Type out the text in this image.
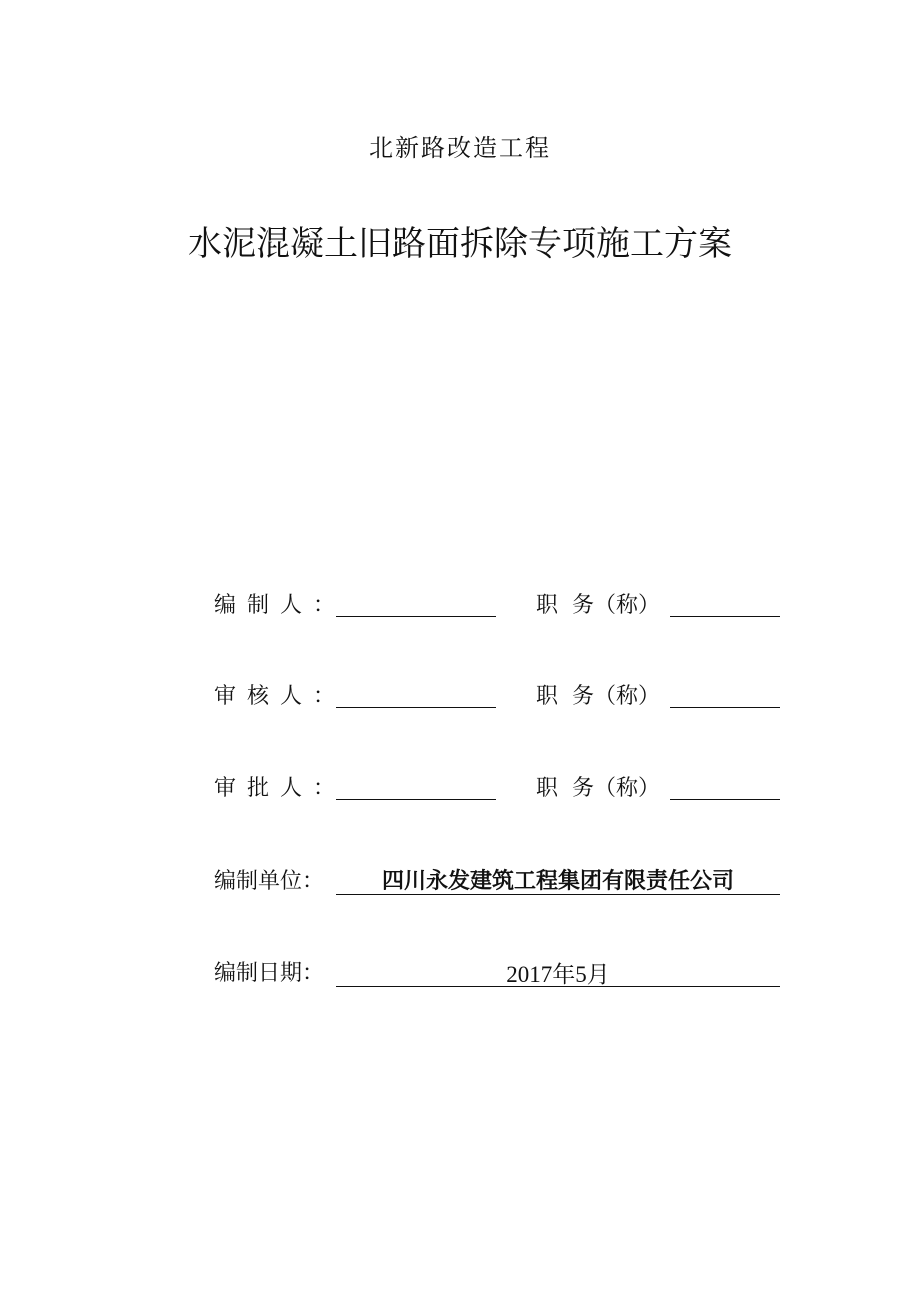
北新路改造工程
水泥混凝土旧路面拆除专项施工方案
编制人：	职 务（称）
审核人：	职 务（称）
审批人：	职 务（称）
编制单位：	四川永发建筑工程集团有限责任公司
编制日期：	2017年5月
